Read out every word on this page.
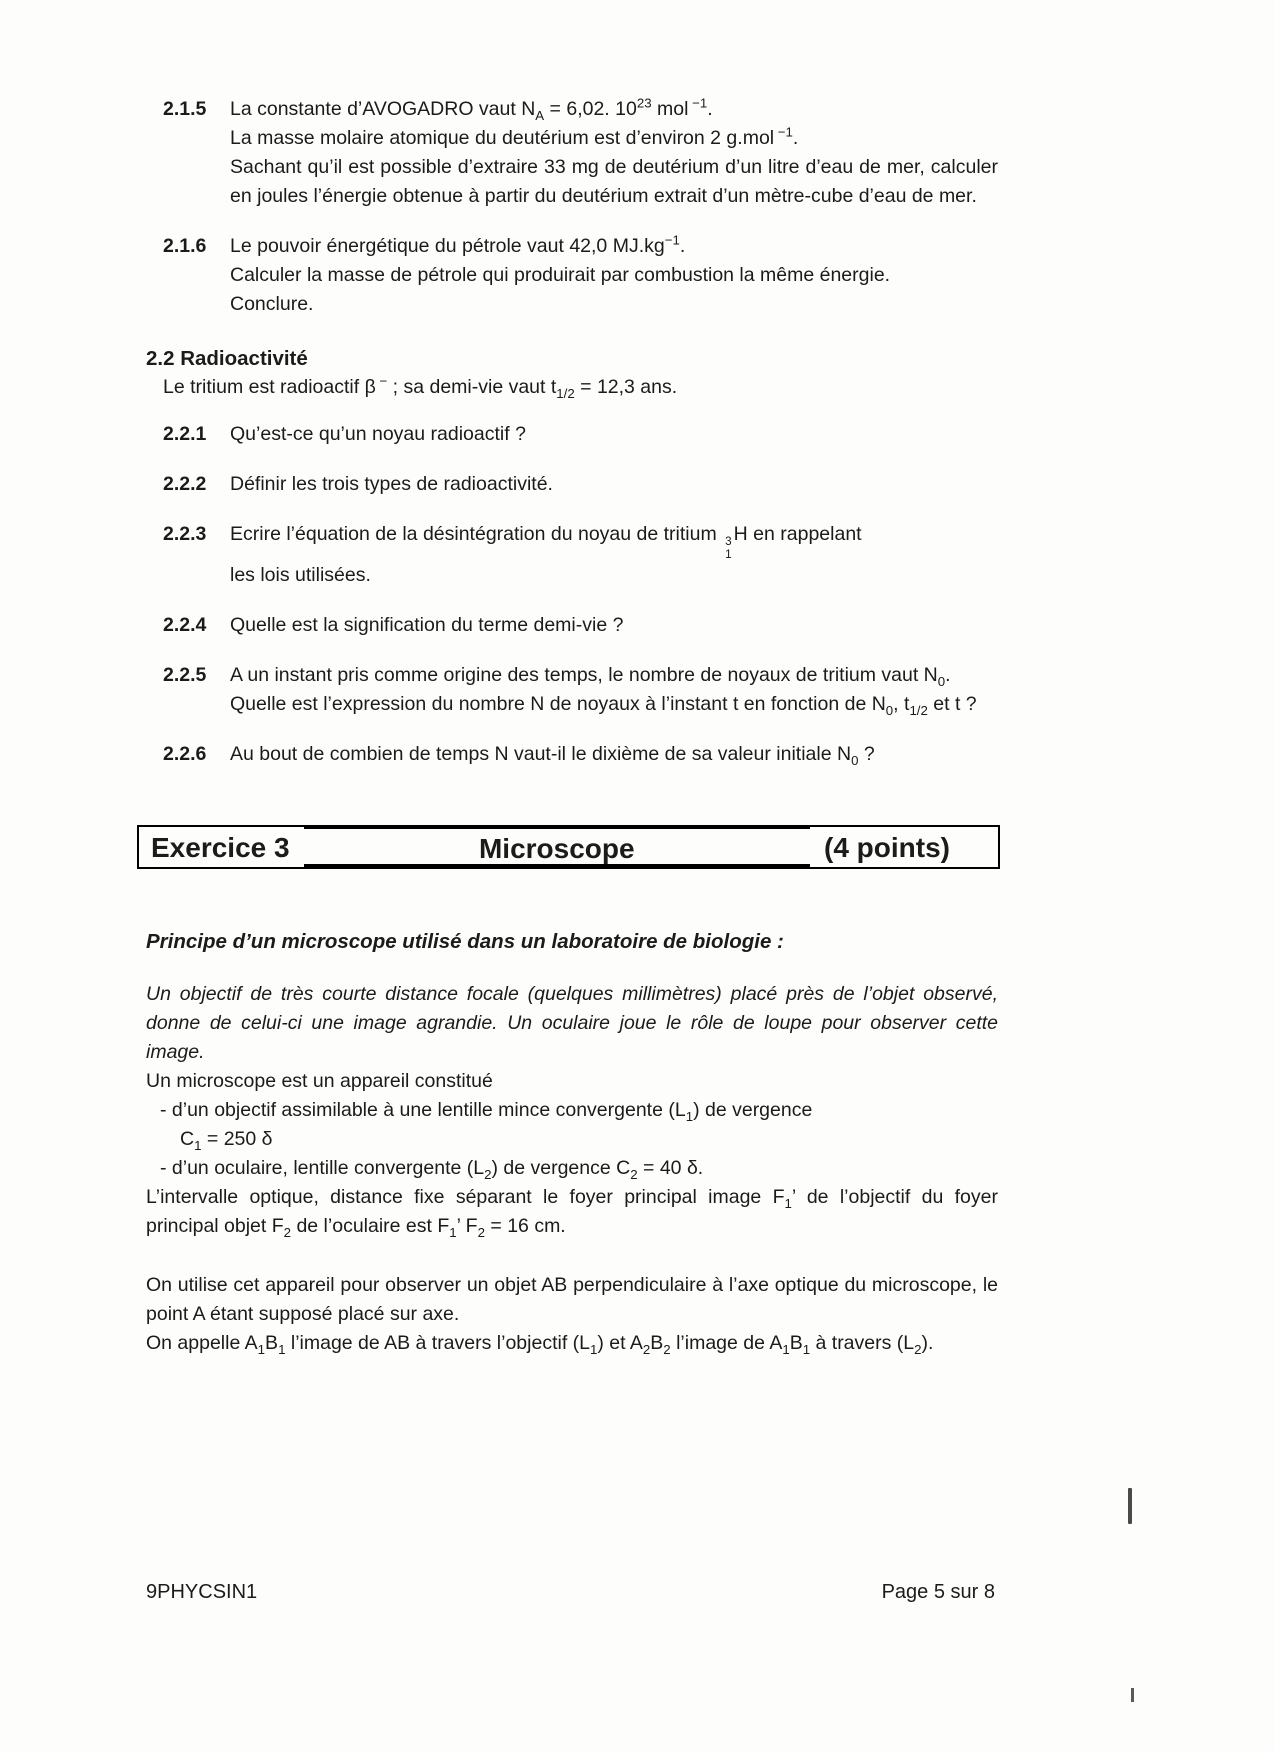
2.1.5	La constante d’AVOGADRO vaut $N_A = 6,02$. $10^{23}$ mol $^{-1}$.
La masse molaire atomique du deutérium est d’environ 2 g.mol $^{-1}$.
Sachant qu’il est possible d’extraire 33 mg de deutérium d’un litre d’eau de mer, calculer en joules l’énergie obtenue à partir du deutérium extrait d’un mètre-cube d’eau de mer.
2.1.6	Le pouvoir énergétique du pétrole vaut 42,0 $MJ.kg^{-1}$.
Calculer la masse de pétrole qui produirait par combustion la même énergie.
Conclure.
2.2 Radioactivité

Le tritium est radioactif β − ; sa demi-vie vaut $t_{1/2} = 12,3$ ans.

2.2.1	Qu’est-ce qu’un noyau radioactif ?
2.2.2	Définir les trois types de radioactivité.
2.2.3	Ecrire l’équation de la désintégration du noyau de tritium 3
1
H en rappelant
les lois utilisées.
2.2.4	Quelle est la signification du terme demi-vie ?
2.2.5	A un instant pris comme origine des temps, le nombre de noyaux de tritium vaut $N_0$.
Quelle est l’expression du nombre N de noyaux à l’instant t en fonction de $N_0$, $t_{1/2}$ et t ?
2.2.6	Au bout de combien de temps N vaut-il le dixième de sa valeur initiale $N_0$ ?
Exercice 3	Microscope	(4 points)

Principe d’un microscope utilisé dans un laboratoire de biologie :

Un objectif de très courte distance focale (quelques millimètres) placé près de l’objet observé, donne de celui-ci une image agrandie. Un oculaire joue le rôle de loupe pour observer cette image.

Un microscope est un appareil constitué

- d’un objectif assimilable à une lentille mince convergente $(L_1)$ de vergence
$C_1 = 250$ δ

- d’un oculaire, lentille convergente $(L_2)$ de vergence $C_2 = 40$ δ.

L’intervalle optique, distance fixe séparant le foyer principal image $F_1$’ de l’objectif du foyer principal objet $F_2$ de l’oculaire est $F_1$’ $F_2 = 16$ cm.

On utilise cet appareil pour observer un objet AB perpendiculaire à l’axe optique du microscope, le point A étant supposé placé sur axe.
On appelle $A_1B_1$ l’image de AB à travers l’objectif $(L_1)$ et $A_2B_2$ l’image de $A_1B_1$ à travers $(L_2)$.

9PHYCSIN1	Page 5 sur 8
